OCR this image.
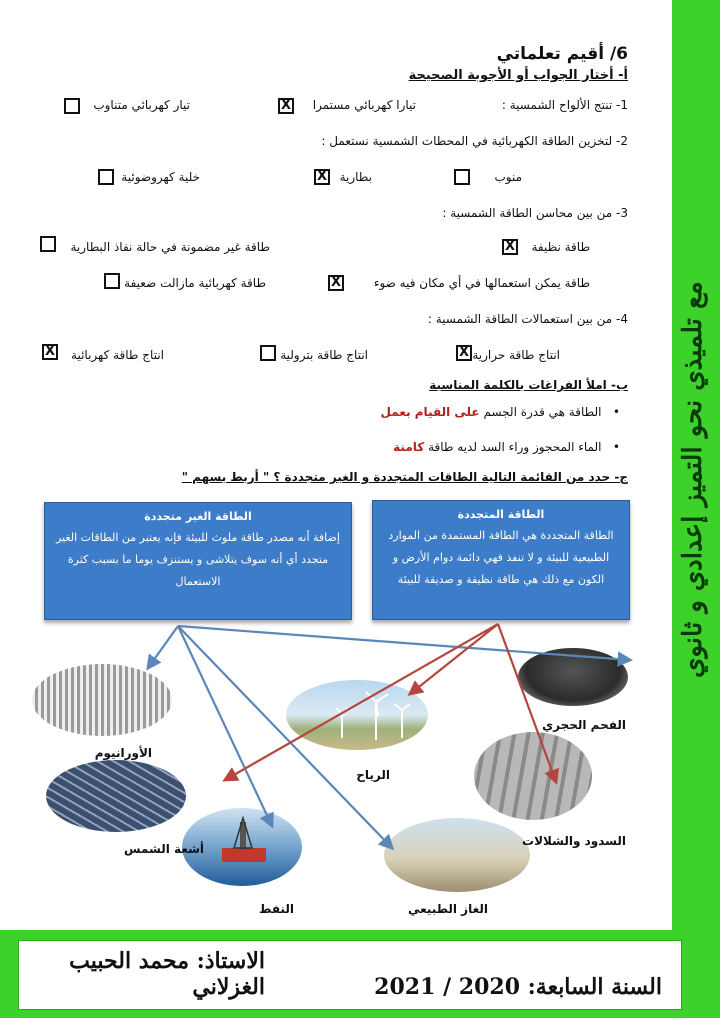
مع تلميذي نحو التميز إعدادي و ثانوي
الاستاذ: محمد الحبيب الغزلاني	السنة السابعة: 2020 / 2021
6/ أقيم تعلماتي
أ- أختار الجواب أو الأجوبة الصحيحة
1- تنتج الألواح الشمسية :
تيارا كهربائي مستمرا
X
تيار كهربائي متناوب
2- لتخزين الطاقة الكهربائية في المحطات الشمسية نستعمل :
منوب
بطارية
X
خلية كهروضوئية
3- من بين محاسن الطاقة الشمسية :
طاقة نظيفة
X
طاقة غير مضمونة في حالة نفاذ البطارية
طاقة يمكن استعمالها في أي مكان فيه ضوء
X
طاقة كهربائية مازالت ضعيفة
4- من بين استعمالات الطاقة الشمسية :
انتاج طاقة حرارية
X
انتاج طاقة بترولية
انتاج طاقة كهربائية
X
ب- املأ الفراغات بالكلمة المناسبة
•   الطاقة هي قدرة الجسم على القيام بعمل
•   الماء المحجوز وراء السد لديه طاقة كامنة
ج- حدد من القائمة التالية الطاقات المتجددة و الغير متجددة ؟ " أربط بسهم "
الطاقة المتجددة
الطاقة المتجددة هي الطاقة المستمدة من الموارد الطبيعية للبيئة و لا تنفذ فهي دائمة دوام الأرض و الكون مع ذلك هي طاقة نظيفة و صديقة للبيئة
الطاقة الغير متجددة
إضافة أنه مصدر طاقة ملوث للبيئة فإنه يعتبر من الطاقات الغير متجدد أي أنه سوف يتلاشى و يستنزف يوما ما بسبب كثرة الاستعمال
الفحم الحجري
الأورانيوم
الرياح
السدود والشلالات
أشعة الشمس
الغاز الطبيعي
النفط
